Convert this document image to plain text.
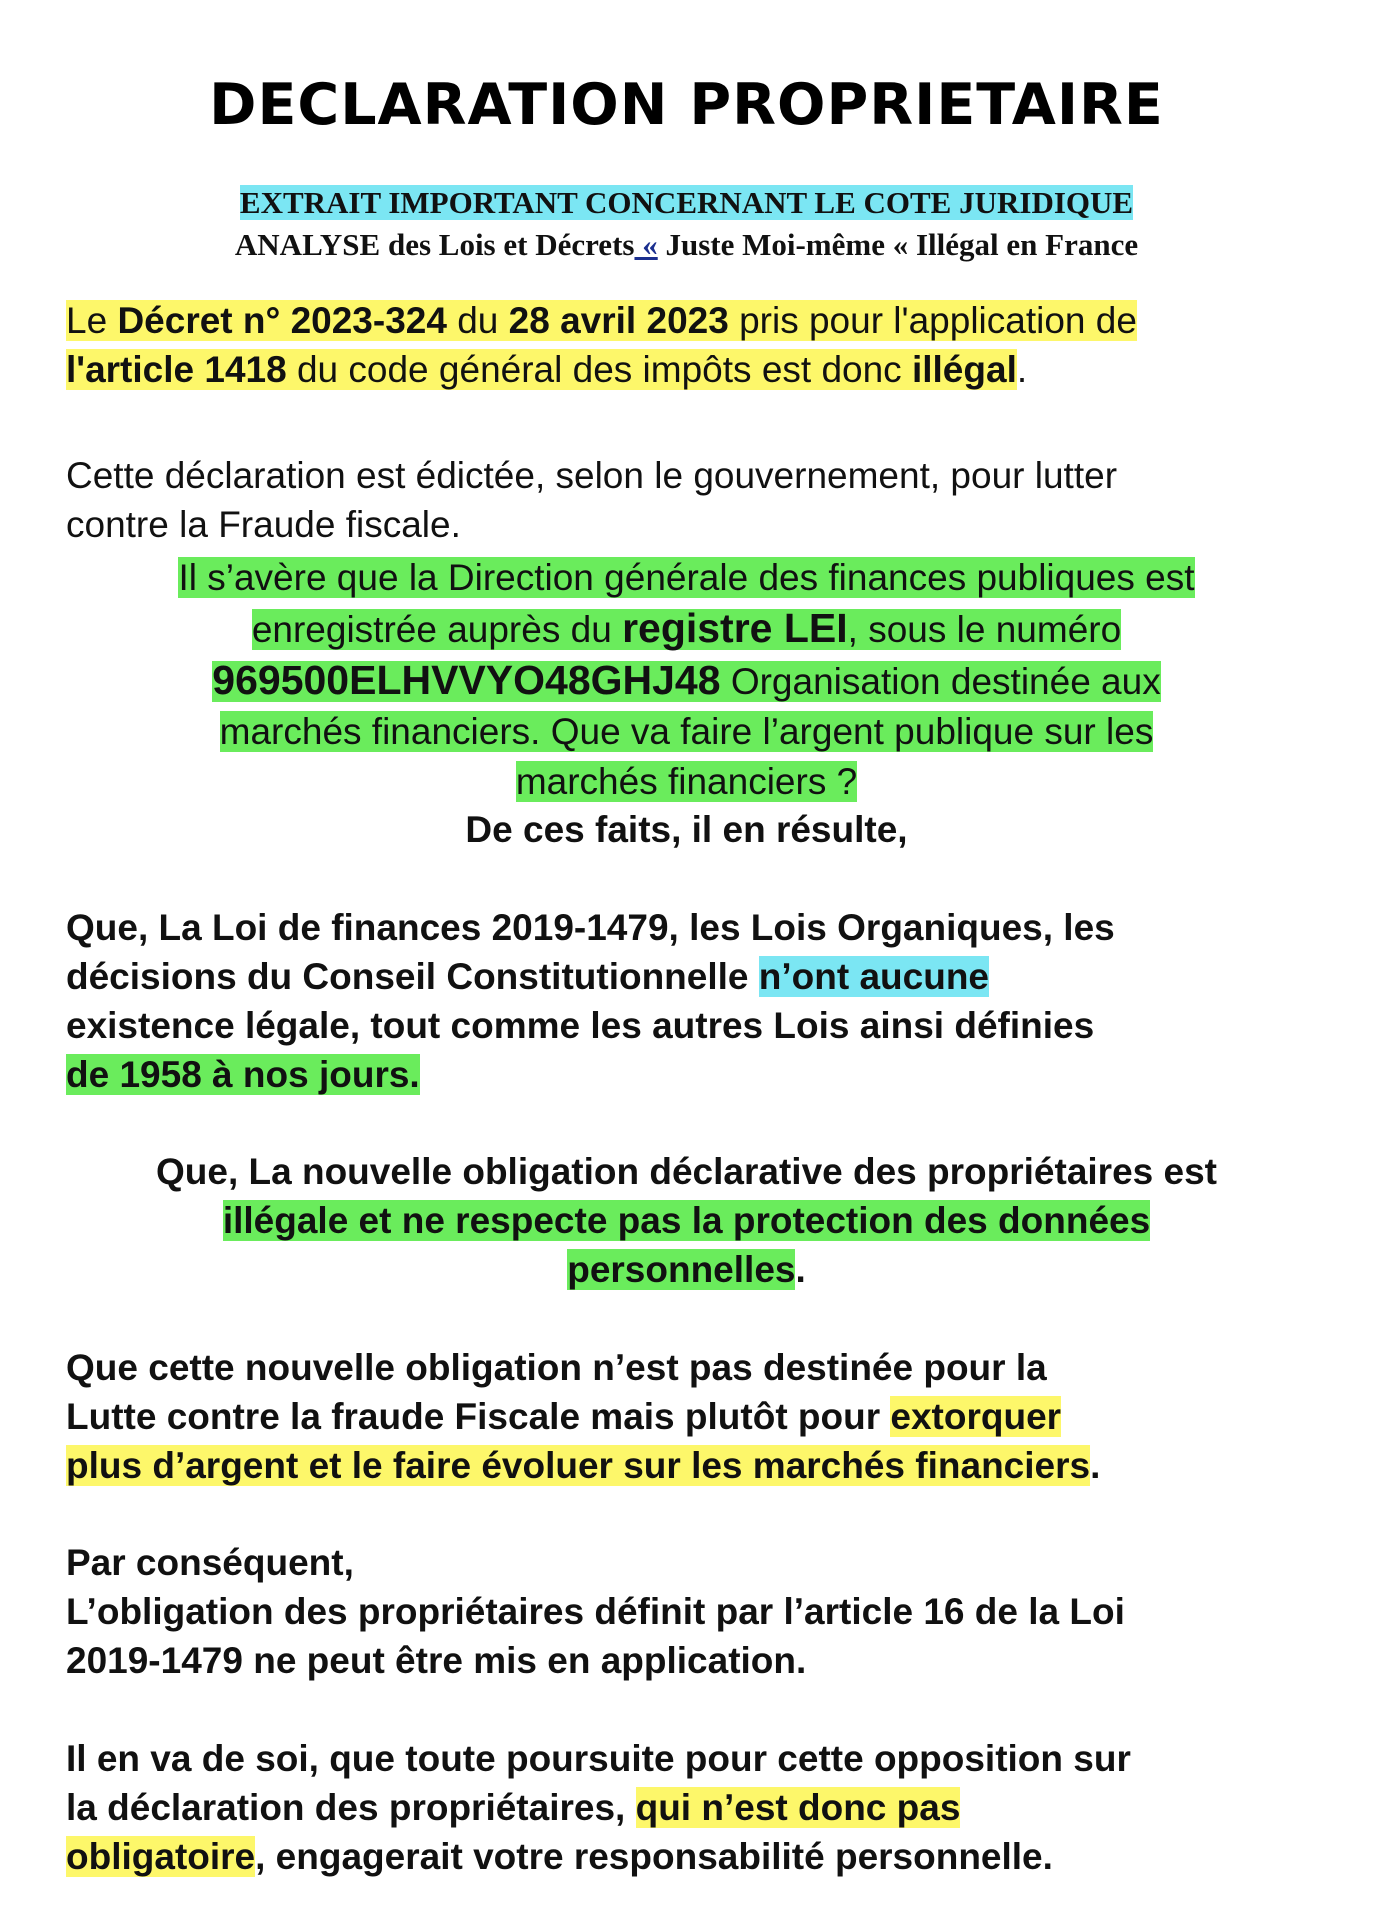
DECLARATION PROPRIETAIRE
EXTRAIT IMPORTANT CONCERNANT LE COTE JURIDIQUE
ANALYSE des Lois et Décrets « Juste Moi-même « Illégal en France
Le Décret n° 2023-324 du 28 avril 2023 pris pour l'application de
l'article 1418 du code général des impôts est donc illégal.
Cette déclaration est édictée, selon le gouvernement, pour lutter
contre la Fraude fiscale.
Il s’avère que la Direction générale des finances publiques est
enregistrée auprès du registre LEI, sous le numéro
969500ELHVVYO48GHJ48 Organisation destinée aux
marchés financiers. Que va faire l’argent publique sur les
marchés financiers ?
De ces faits, il en résulte,
Que, La Loi de finances 2019-1479, les Lois Organiques, les
décisions du Conseil Constitutionnelle n’ont aucune
existence légale, tout comme les autres Lois ainsi définies
de 1958 à nos jours.
Que, La nouvelle obligation déclarative des propriétaires est
illégale et ne respecte pas la protection des données
personnelles.
Que cette nouvelle obligation n’est pas destinée pour la
Lutte contre la fraude Fiscale mais plutôt pour extorquer
plus d’argent et le faire évoluer sur les marchés financiers.
Par conséquent,
L’obligation des propriétaires définit par l’article 16 de la Loi
2019-1479 ne peut être mis en application.
Il en va de soi, que toute poursuite pour cette opposition sur
la déclaration des propriétaires, qui n’est donc pas
obligatoire, engagerait votre responsabilité personnelle.
